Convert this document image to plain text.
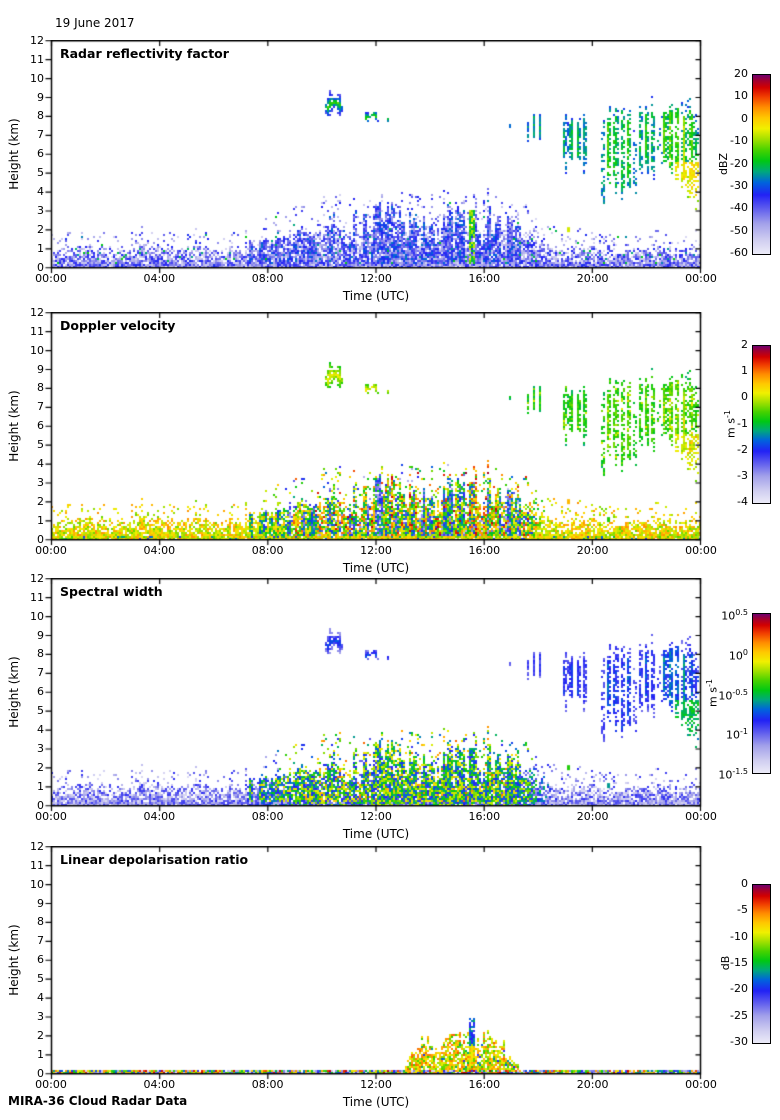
19 June 2017
Height (km)
12
11
10
9
8
7
6
5
4
3
2
1
0
Radar reflectivity factor
00:00	04:00	08:00	12:00	16:00	20:00	00:00
Time (UTC)
20
10
0
-10
-20
-30
-40
-50
-60
dBZ
Height (km)
12
11
10
9
8
7
6
5
4
3
2
1
0
Doppler velocity
00:00	04:00	08:00	12:00	16:00	20:00	00:00
Time (UTC)
2
1
0
-1
-2
-3
-4
m $s^{-1}$
Height (km)
12
11
10
9
8
7
6
5
4
3
2
1
0
Spectral width
00:00	04:00	08:00	12:00	16:00	20:00	00:00
Time (UTC)
$10^{0.5}$
$10^0$
$10^{-0.5}$
$10^{-1}$
$10^{-1.5}$
m $s^{-1}$
Height (km)
12
11
10
9
8
7
6
5
4
3
2
1
0
Linear depolarisation ratio
00:00	04:00	08:00	12:00	16:00	20:00	00:00
Time (UTC)
0
-5
-10
-15
-20
-25
-30
dB
MIRA-36 Cloud Radar Data
